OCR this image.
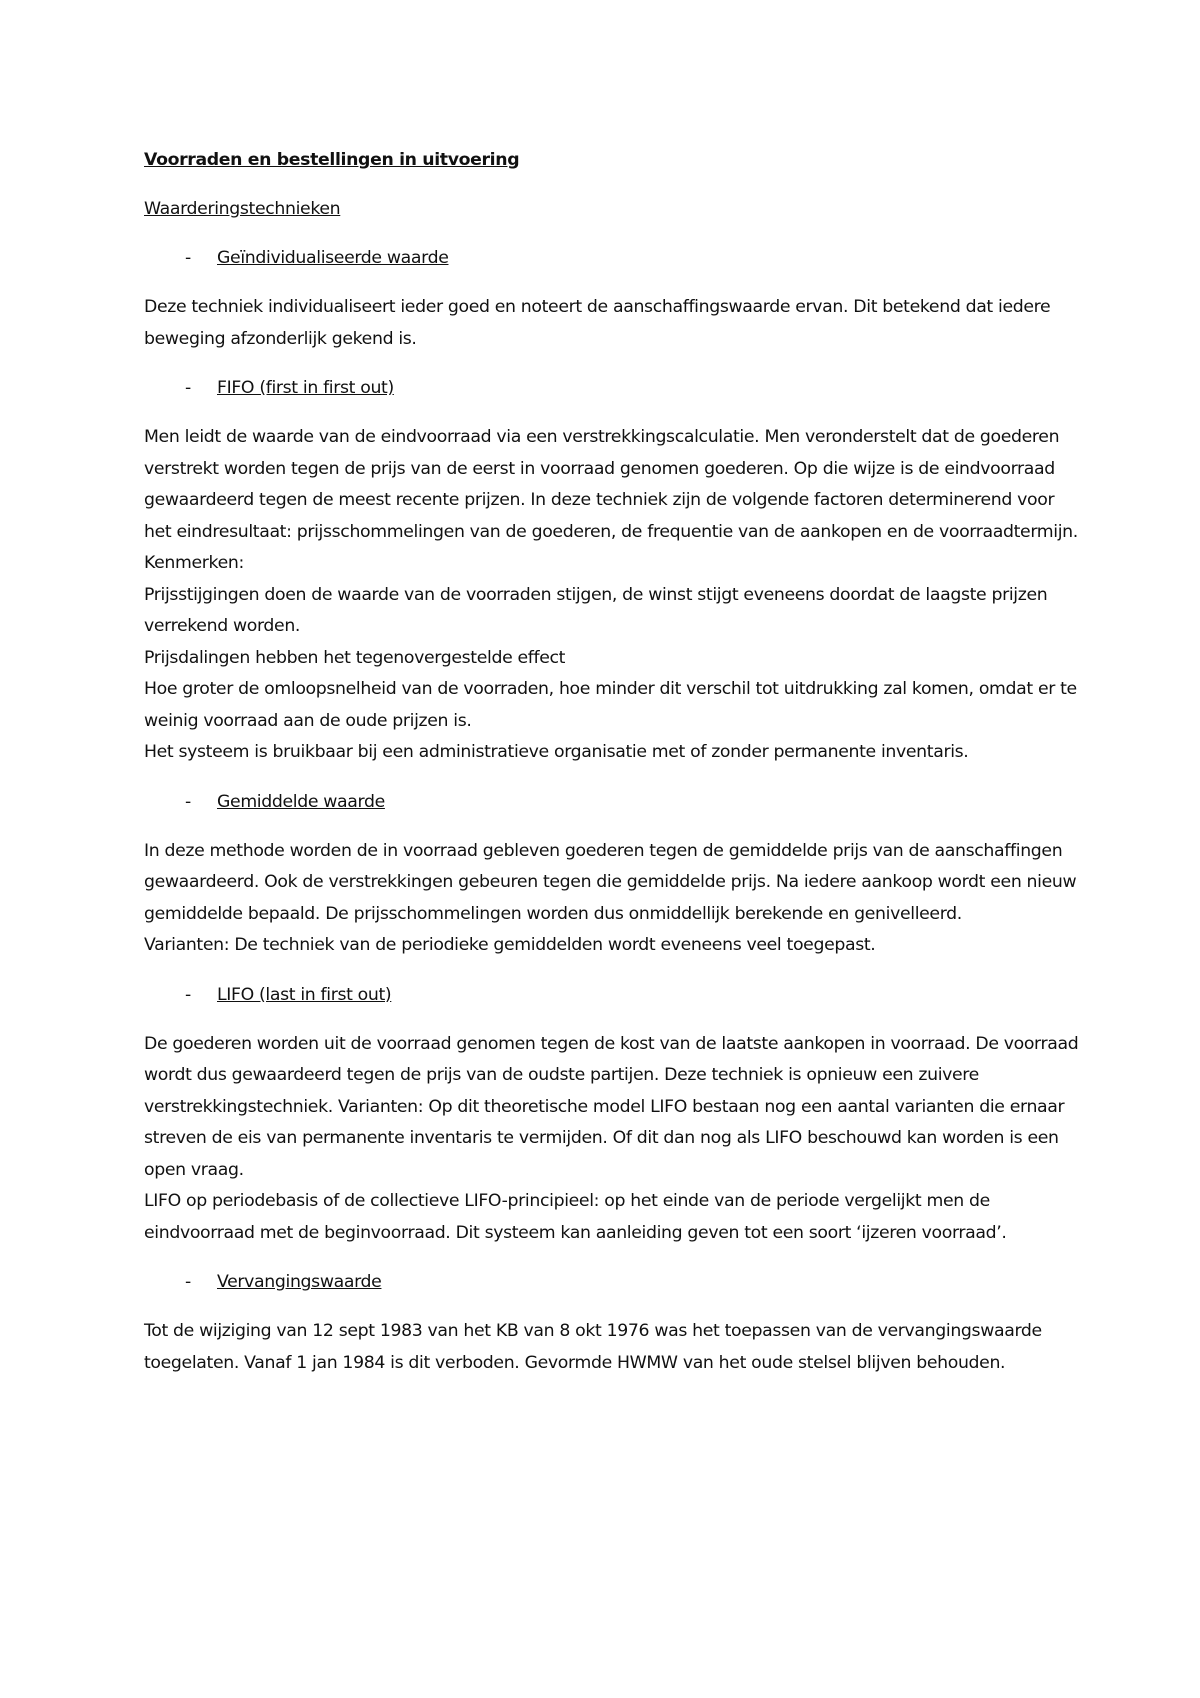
Voorraden en bestellingen in uitvoering
Waarderingstechnieken
- Geïndividualiseerde waarde

Deze techniek individualiseert ieder goed en noteert de aanschaffingswaarde ervan. Dit betekend dat iedere beweging afzonderlijk gekend is.

- FIFO (first in first out)

Men leidt de waarde van de eindvoorraad via een verstrekkingscalculatie. Men veronderstelt dat de goederen verstrekt worden tegen de prijs van de eerst in voorraad genomen goederen. Op die wijze is de eindvoorraad gewaardeerd tegen de meest recente prijzen. In deze techniek zijn de volgende factoren determinerend voor het eindresultaat: prijsschommelingen van de goederen, de frequentie van de aankopen en de voorraadtermijn.

Kenmerken:

Prijsstijgingen doen de waarde van de voorraden stijgen, de winst stijgt eveneens doordat de laagste prijzen verrekend worden.

Prijsdalingen hebben het tegenovergestelde effect

Hoe groter de omloopsnelheid van de voorraden, hoe minder dit verschil tot uitdrukking zal komen, omdat er te weinig voorraad aan de oude prijzen is.

Het systeem is bruikbaar bij een administratieve organisatie met of zonder permanente inventaris.

- Gemiddelde waarde

In deze methode worden de in voorraad gebleven goederen tegen de gemiddelde prijs van de aanschaffingen gewaardeerd. Ook de verstrekkingen gebeuren tegen die gemiddelde prijs. Na iedere aankoop wordt een nieuw gemiddelde bepaald. De prijsschommelingen worden dus onmiddellijk berekende en genivelleerd.

Varianten: De techniek van de periodieke gemiddelden wordt eveneens veel toegepast.

- LIFO (last in first out)

De goederen worden uit de voorraad genomen tegen de kost van de laatste aankopen in voorraad. De voorraad wordt dus gewaardeerd tegen de prijs van de oudste partijen. Deze techniek is opnieuw een zuivere verstrekkingstechniek. Varianten: Op dit theoretische model LIFO bestaan nog een aantal varianten die ernaar streven de eis van permanente inventaris te vermijden. Of dit dan nog als LIFO beschouwd kan worden is een open vraag.

LIFO op periodebasis of de collectieve LIFO-principieel: op het einde van de periode vergelijkt men de eindvoorraad met de beginvoorraad. Dit systeem kan aanleiding geven tot een soort ‘ijzeren voorraad’.

- Vervangingswaarde

Tot de wijziging van 12 sept 1983 van het KB van 8 okt 1976 was het toepassen van de vervangingswaarde toegelaten. Vanaf 1 jan 1984 is dit verboden. Gevormde HWMW van het oude stelsel blijven behouden.
